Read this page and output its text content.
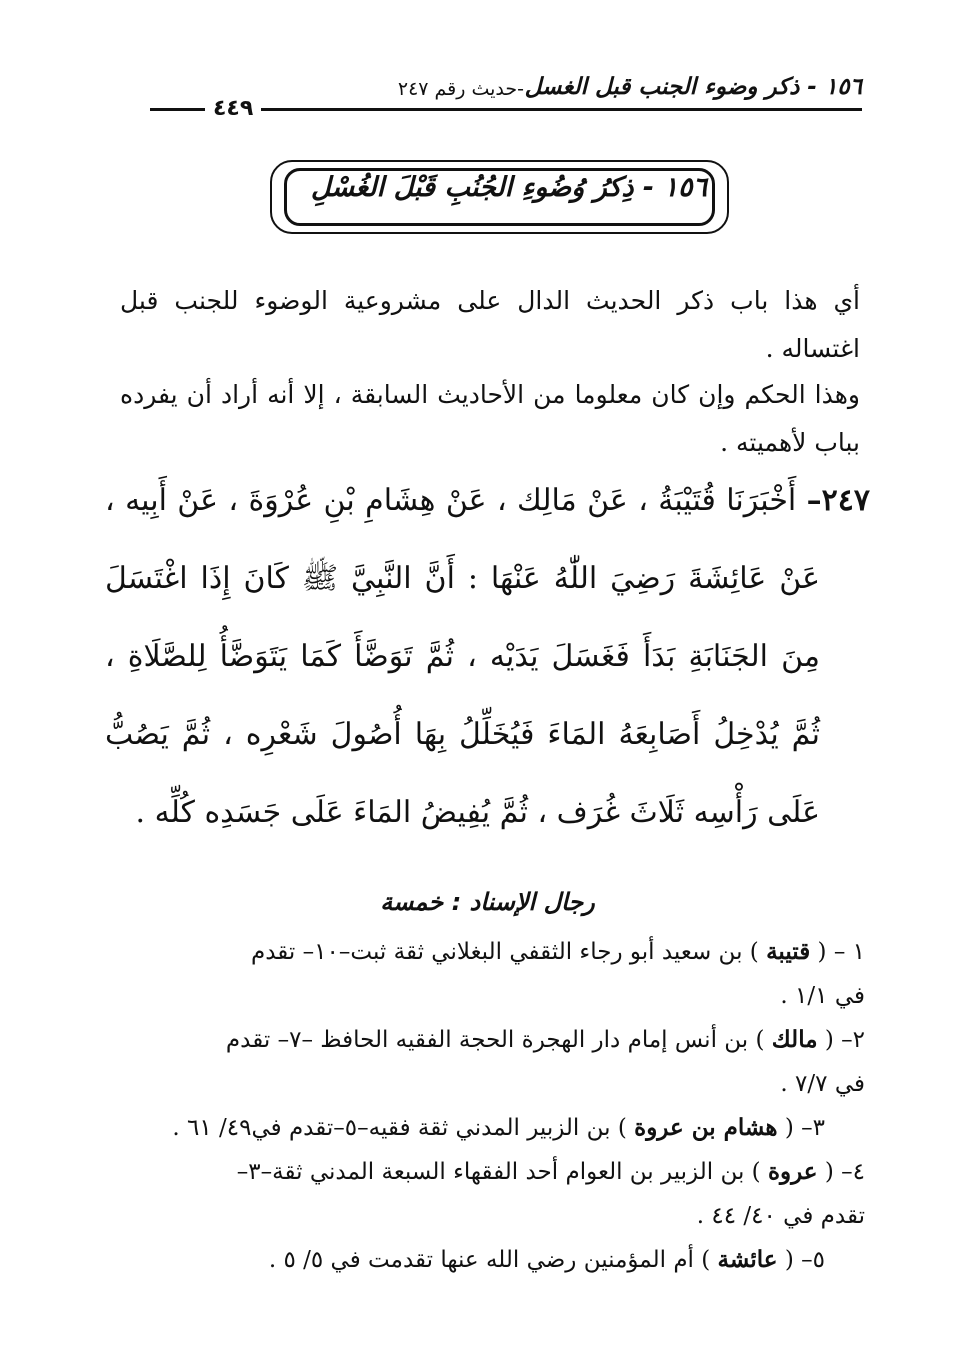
١٥٦ - ذكر وضوء الجنب قبل الغسل
-حديث رقم ٢٤٧
٤٤٩
١٥٦ - ذِكرُ وُضُوءِ الجُنُبِ قَبْلَ الغُسْلِ

أي هذا باب ذكر الحديث الدال على مشروعية الوضوء للجنب قبل اغتساله .

وهذا الحكم وإن كان معلوما من الأحاديث السابقة ، إلا أنه أراد أن يفرده بباب لأهميته .

٢٤٧– أَخْبَرَنَا قُتَيْبَةُ ، عَنْ مَالِك ، عَنْ هِشَامِ بْنِ عُرْوَةَ ، عَنْ أَبِيه ،
عَنْ عَائِشَةَ رَضِيَ اللّٰهُ عَنْهَا : أَنَّ النَّبِيَّ ﷺ كَانَ إِذَا اغْتَسَلَ
مِنَ الجَنَابَةِ بَدَأَ فَغَسَلَ يَدَيْه ، ثُمَّ تَوَضَّأَ كَمَا يَتَوَضَّأُ لِلصَّلَاةِ ،
ثُمَّ يُدْخِلُ أَصَابِعَهُ المَاءَ فَيُخَلِّلُ بِهَا أُصُولَ شَعْرِه ، ثُمَّ يَصُبُّ
عَلَى رَأْسِه ثَلَاثَ غُرَف ، ثُمَّ يُفِيضُ المَاءَ عَلَى جَسَدِه كُلِّه .
رجال الإسناد : خمسة

١ – ( قتيبة ) بن سعيد أبو رجاء الثقفي البغلاني ثقة ثبت–١٠– تقدم
في ١/١ .

٢– ( مالك ) بن أنس إمام دار الهجرة الحجة الفقيه الحافظ –٧– تقدم
في ٧/٧ .

٣– ( هشام بن عروة ) بن الزبير المدني ثقة فقيه–٥–تقدم في٤٩/ ٦١ .

٤– ( عروة ) بن الزبير بن العوام أحد الفقهاء السبعة المدني ثقة–٣–
تقدم في ٤٠/ ٤٤ .

٥– ( عائشة ) أم المؤمنين رضي الله عنها تقدمت في ٥/ ٥ .
